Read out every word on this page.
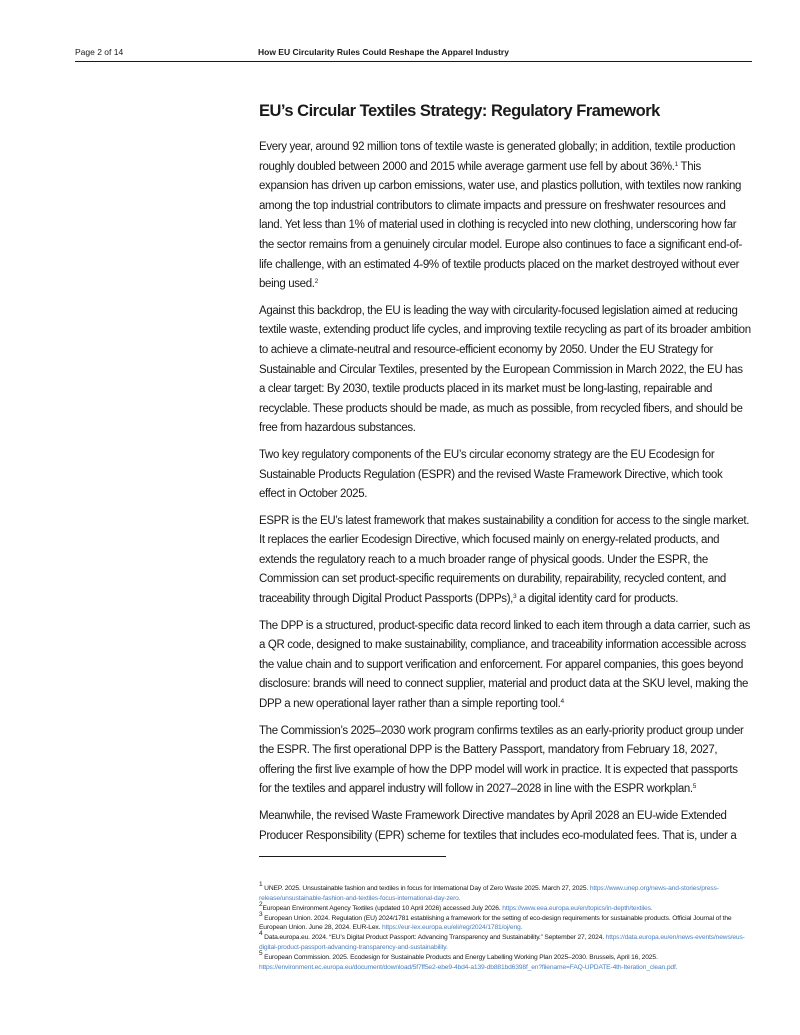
Page 2 of 14	How EU Circularity Rules Could Reshape the Apparel Industry
EU’s Circular Textiles Strategy: Regulatory Framework

Every year, around 92 million tons of textile waste is generated globally; in addition, textile production roughly doubled between 2000 and 2015 while average garment use fell by about 36%.$^1$ This expansion has driven up carbon emissions, water use, and plastics pollution, with textiles now ranking among the top industrial contributors to climate impacts and pressure on freshwater resources and land. Yet less than 1% of material used in clothing is recycled into new clothing, underscoring how far the sector remains from a genuinely circular model. Europe also continues to face a significant end-of-life challenge, with an estimated 4-9% of textile products placed on the market destroyed without ever being used.$^2$

Against this backdrop, the EU is leading the way with circularity-focused legislation aimed at reducing textile waste, extending product life cycles, and improving textile recycling as part of its broader ambition to achieve a climate-neutral and resource-efficient economy by 2050. Under the EU Strategy for Sustainable and Circular Textiles, presented by the European Commission in March 2022, the EU has a clear target: By 2030, textile products placed in its market must be long-lasting, repairable and recyclable. These products should be made, as much as possible, from recycled fibers, and should be free from hazardous substances.

Two key regulatory components of the EU’s circular economy strategy are the EU Ecodesign for Sustainable Products Regulation (ESPR) and the revised Waste Framework Directive, which took effect in October 2025.

ESPR is the EU’s latest framework that makes sustainability a condition for access to the single market. It replaces the earlier Ecodesign Directive, which focused mainly on energy-related products, and extends the regulatory reach to a much broader range of physical goods. Under the ESPR, the Commission can set product-specific requirements on durability, repairability, recycled content, and traceability through Digital Product Passports (DPPs),$^3$ a digital identity card for products.

The DPP is a structured, product-specific data record linked to each item through a data carrier, such as a QR code, designed to make sustainability, compliance, and traceability information accessible across the value chain and to support verification and enforcement. For apparel companies, this goes beyond disclosure: brands will need to connect supplier, material and product data at the SKU level, making the DPP a new operational layer rather than a simple reporting tool.$^4$

The Commission’s 2025–2030 work program confirms textiles as an early-priority product group under the ESPR. The first operational DPP is the Battery Passport, mandatory from February 18, 2027, offering the first live example of how the DPP model will work in practice. It is expected that passports for the textiles and apparel industry will follow in 2027–2028 in line with the ESPR workplan.$^5$

Meanwhile, the revised Waste Framework Directive mandates by April 2028 an EU-wide Extended Producer Responsibility (EPR) scheme for textiles that includes eco-modulated fees. That is, under a

$^1$ UNEP. 2025. Unsustainable fashion and textiles in focus for International Day of Zero Waste 2025. March 27, 2025. https://www.unep.org/news-and-stories/press-release/unsustainable-fashion-and-textiles-focus-international-day-zero.
$^2$European Environment Agency Textiles (updated 10 April 2026) accessed July 2026. https://www.eea.europa.eu/en/topics/in-depth/textiles.
$^3$ European Union. 2024. Regulation (EU) 2024/1781 establishing a framework for the setting of eco-design requirements for sustainable products. Official Journal of the European Union. June 28, 2024. EUR-Lex. https://eur-lex.europa.eu/eli/reg/2024/1781/oj/eng.
$^4$ Data.europa.eu. 2024. “EU’s Digital Product Passport: Advancing Transparency and Sustainability.” September 27, 2024. https://data.europa.eu/en/news-events/news/eus-digital-product-passport-advancing-transparency-and-sustainability.
$^5$ European Commission. 2025. Ecodesign for Sustainable Products and Energy Labelling Working Plan 2025–2030. Brussels, April 16, 2025. https://environment.ec.europa.eu/document/download/5f7ff5e2-ebe9-4bd4-a139-db881bd6398f_en?filename=FAQ-UPDATE-4th-Iteration_clean.pdf.
